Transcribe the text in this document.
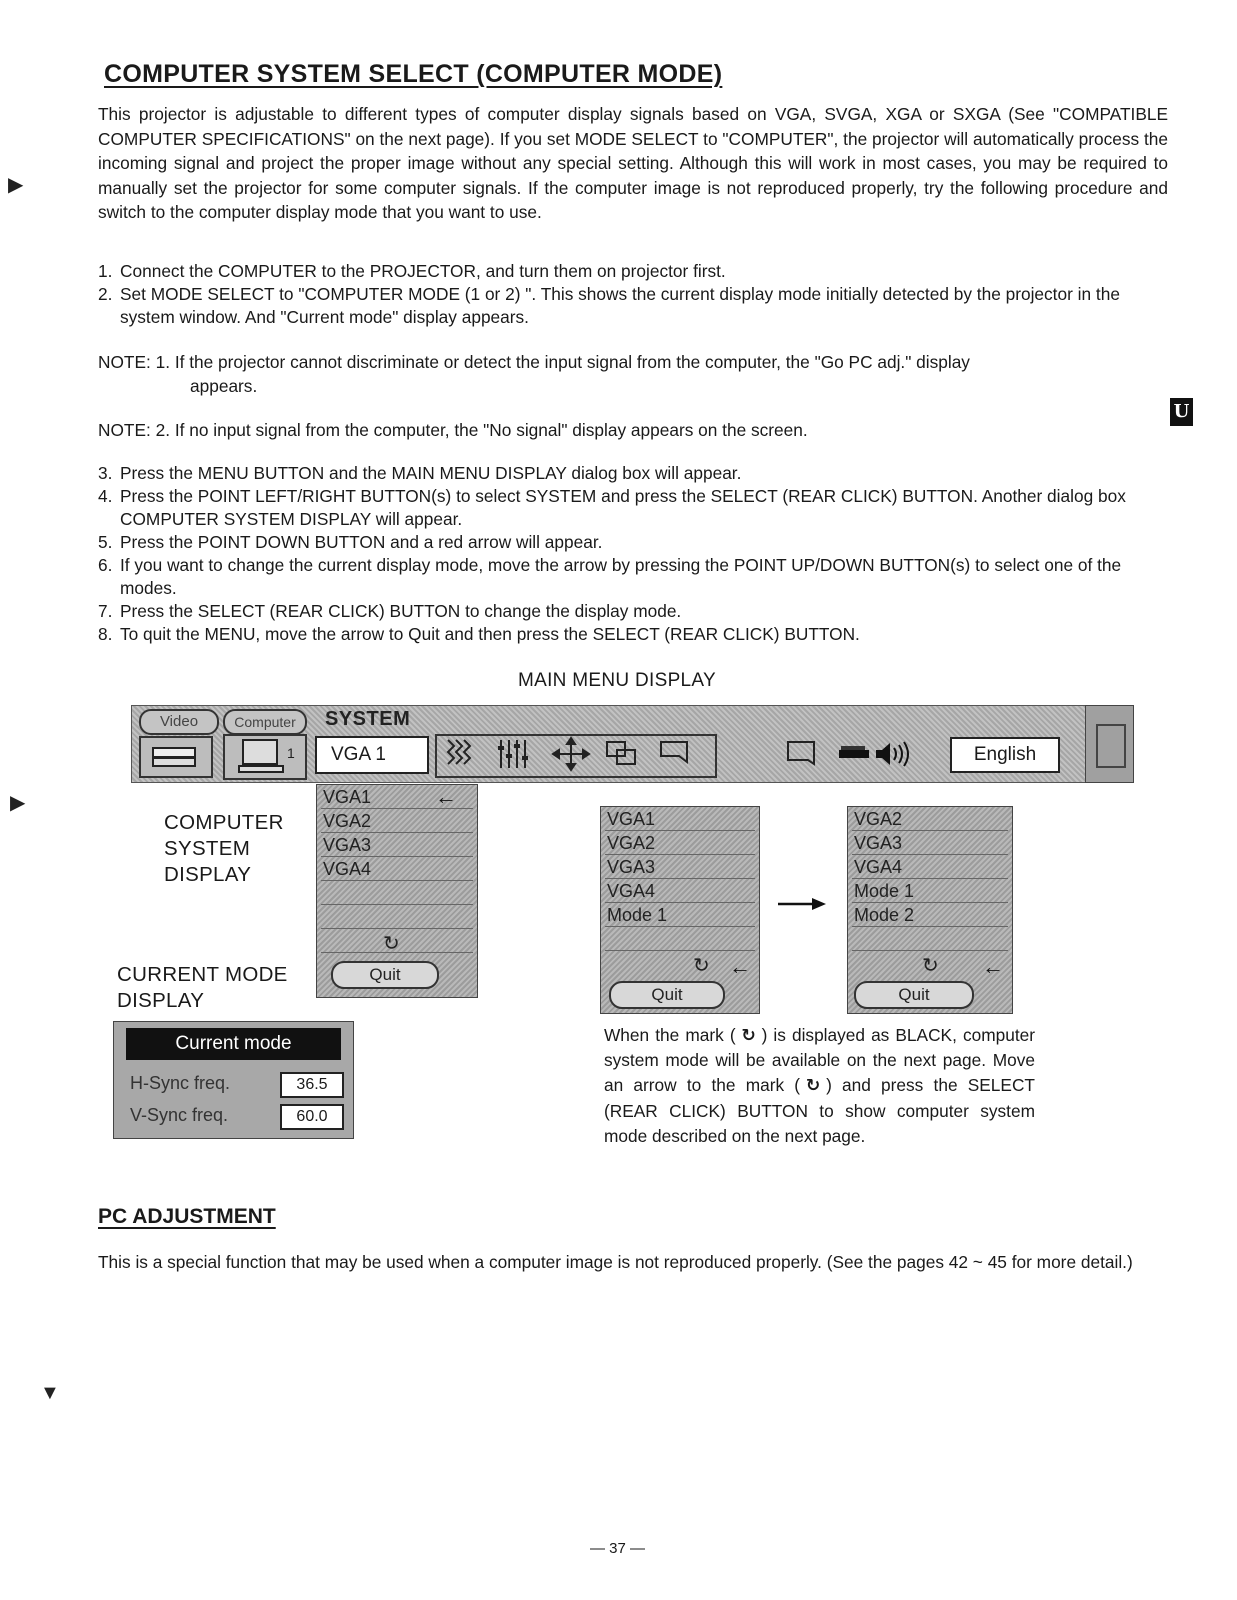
COMPUTER SYSTEM SELECT (COMPUTER MODE)
This projector is adjustable to different types of computer display signals based on VGA, SVGA, XGA or SXGA (See "COMPATIBLE COMPUTER SPECIFICATIONS" on the next page). If you set MODE SELECT to "COMPUTER", the projector will automatically process the incoming signal and project the proper image without any special setting. Although this will work in most cases, you may be required to manually set the projector for some computer signals. If the computer image is not reproduced properly, try the following procedure and switch to the computer display mode that you want to use.
1. Connect the COMPUTER to the PROJECTOR, and turn them on projector first.
2. Set MODE SELECT to "COMPUTER MODE (1 or 2) ". This shows the current display mode initially detected by the projector in the system window. And "Current mode" display appears.
NOTE: 1. If the projector cannot discriminate or detect the input signal from the computer, the "Go PC adj." display
appears.
U
NOTE: 2. If no input signal from the computer, the "No signal" display appears on the screen.
3. Press the MENU BUTTON and the MAIN MENU DISPLAY dialog box will appear.
4. Press the POINT LEFT/RIGHT BUTTON(s) to select SYSTEM and press the SELECT (REAR CLICK) BUTTON. Another dialog box COMPUTER SYSTEM DISPLAY will appear.
5. Press the POINT DOWN BUTTON and a red arrow will appear.
6. If you want to change the current display mode, move the arrow by pressing the POINT UP/DOWN BUTTON(s) to select one of the modes.
7. Press the SELECT (REAR CLICK) BUTTON to change the display mode.
8. To quit the MENU, move the arrow to Quit and then press the SELECT (REAR CLICK) BUTTON.
MAIN MENU DISPLAY
Video	Computer	SYSTEM
1	VGA 1	English
COMPUTER
SYSTEM
DISPLAY
CURRENT MODE
DISPLAY
VGA1
VGA2
VGA3
VGA4
←
↻
Quit
VGA1
VGA2
VGA3
VGA4
Mode 1
↻ ←
Quit
VGA2
VGA3
VGA4
Mode 1
Mode 2
↻ ←
Quit
Current mode
H-Sync freq.	36.5
V-Sync freq.	60.0
When the mark ( ↻ ) is displayed as BLACK, computer system mode will be available on the next page. Move an arrow to the mark ( ↻ ) and press the SELECT (REAR CLICK) BUTTON to show computer system mode described on the next page.
PC ADJUSTMENT
This is a special function that may be used when a computer image is not reproduced properly. (See the pages 42 ~ 45 for more detail.)
— 37 —
▶
▶
▼
